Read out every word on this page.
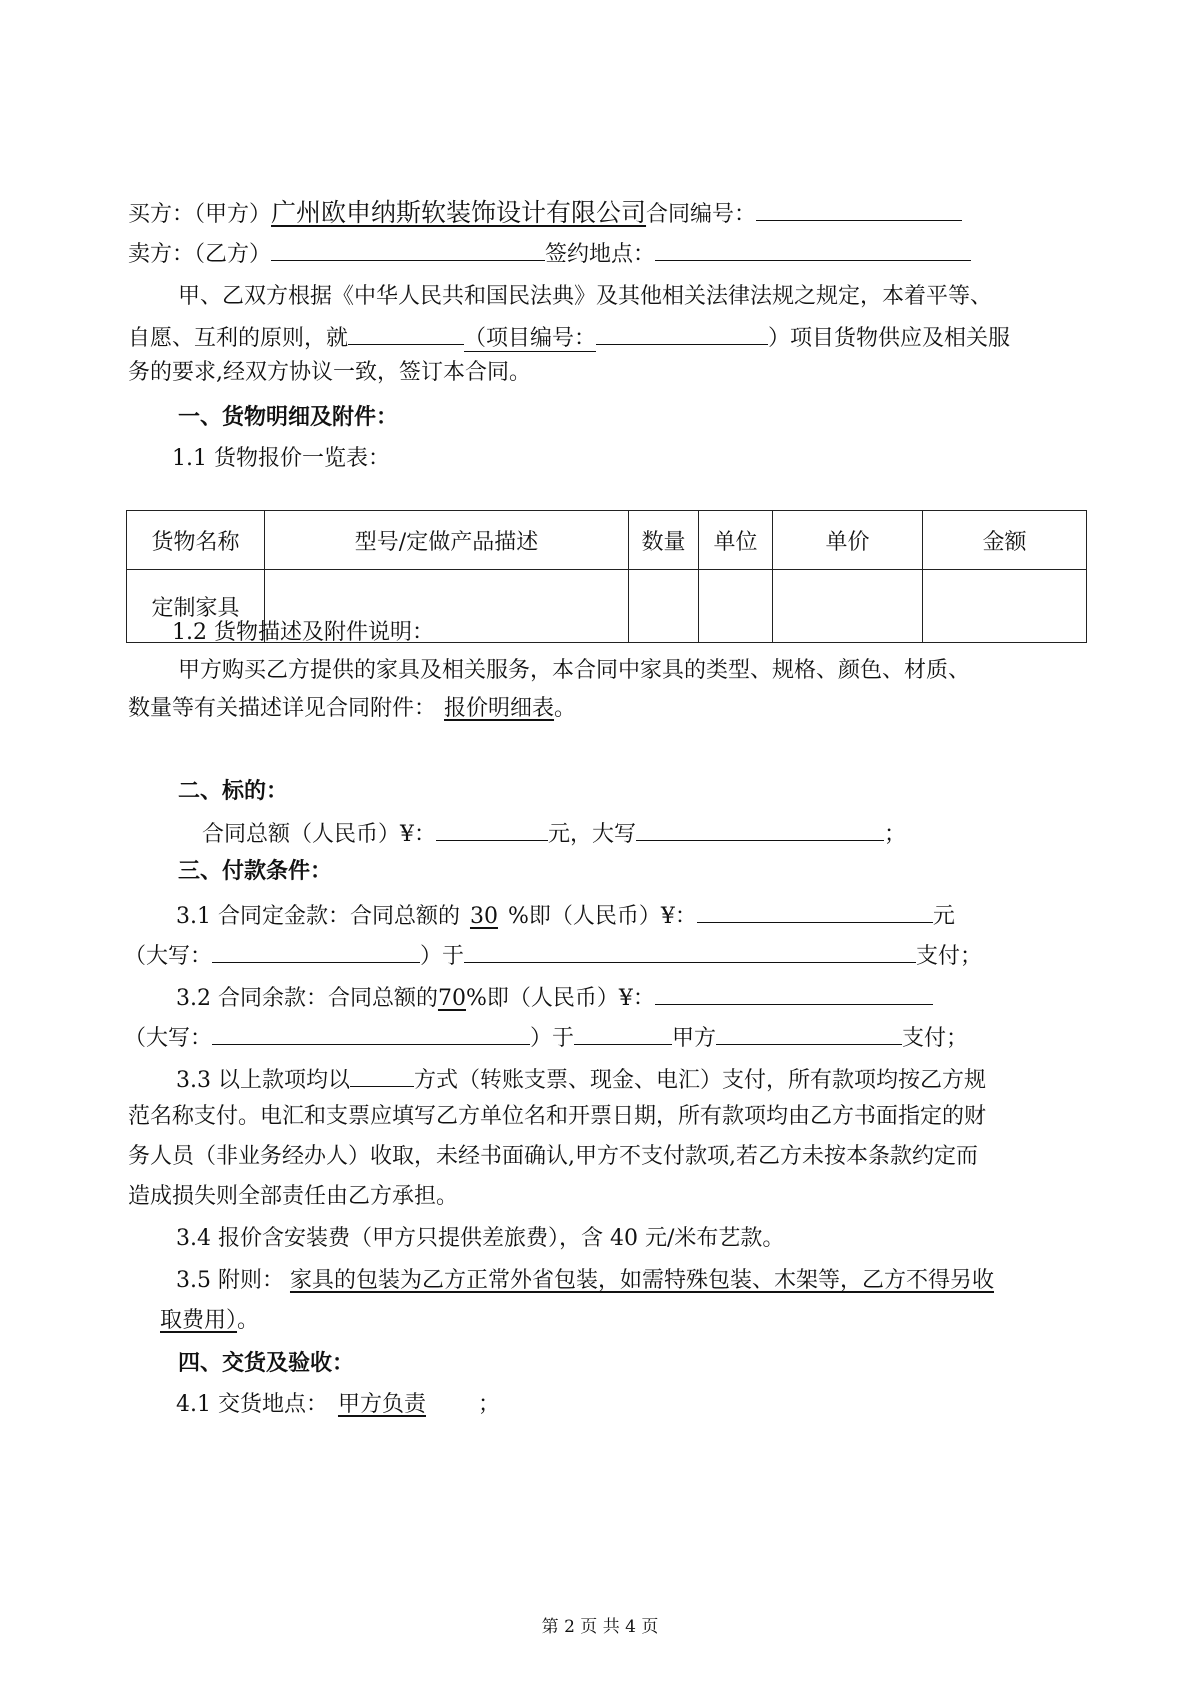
买方：（甲方）广州欧申纳斯软装饰设计有限公司合同编号：
卖方：（乙方）	签约地点：
甲、乙双方根据《中华人民共和国民法典》及其他相关法律法规之规定，本着平等、
自愿、互利的原则，就	（项目编号：	）项目货物供应及相关服
务的要求,经双方协议一致，签订本合同。
一、货物明细及附件：
1.1 货物报价一览表：
货物名称	型号/定做产品描述	数量	单位	单价	金额
定制家具					
1.2 货物描述及附件说明：
甲方购买乙方提供的家具及相关服务，本合同中家具的类型、规格、颜色、材质、
数量等有关描述详见合同附件： 报价明细表。
二、标的：
合同总额（人民币）¥：	元，大写	；
三、付款条件：
3.1 合同定金款：合同总额的 30 %即（人民币）¥：	元
（大写：	）于	支付；
3.2 合同余款：合同总额的70%即（人民币）¥：
（大写：	）于	甲方	支付；
3.3 以上款项均以	方式（转账支票、现金、电汇）支付，所有款项均按乙方规
范名称支付。电汇和支票应填写乙方单位名和开票日期，所有款项均由乙方书面指定的财
务人员（非业务经办人）收取，未经书面确认,甲方不支付款项,若乙方未按本条款约定而
造成损失则全部责任由乙方承担。
3.4 报价含安装费（甲方只提供差旅费），含 40 元/米布艺款。
3.5 附则： 家具的包装为乙方正常外省包装，如需特殊包装、木架等，乙方不得另收
取费用）。
四、交货及验收：
4.1 交货地点： 甲方负责 ；
第 2 页 共 4 页
